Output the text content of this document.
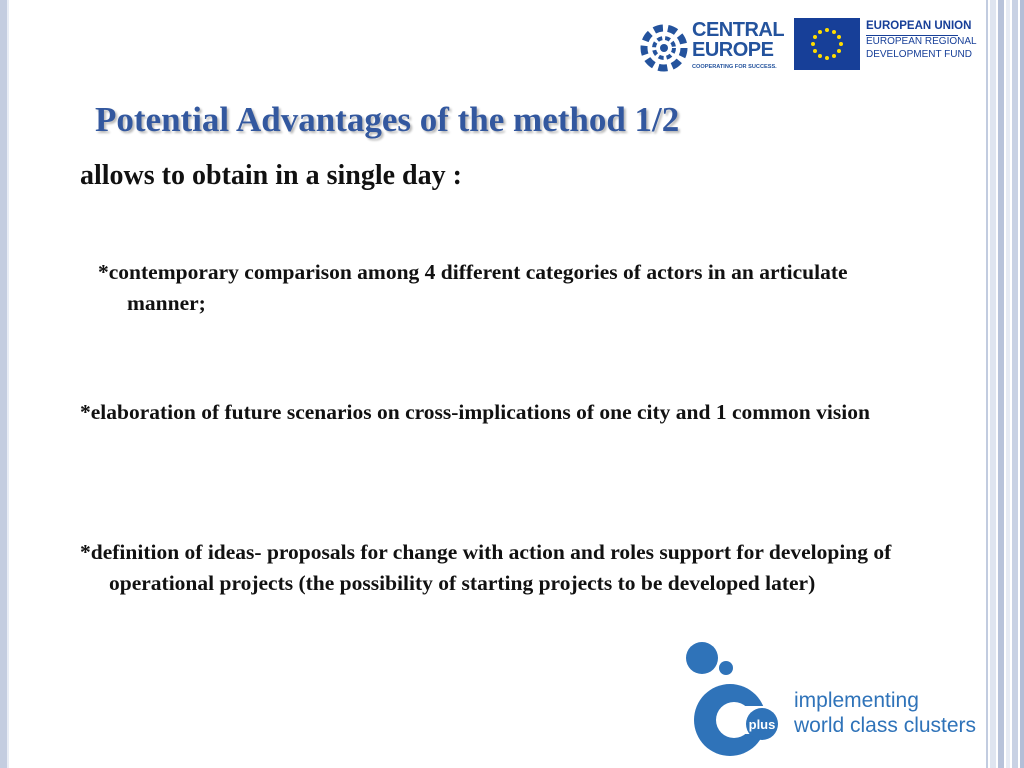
CENTRAL
EUROPE
COOPERATING FOR SUCCESS.
EUROPEAN UNION
EUROPEAN REGIONAL
DEVELOPMENT FUND
Potential Advantages of the method 1/2
allows to obtain in a single day :
*contemporary comparison among 4 different categories of actors in an articulate manner;
*elaboration of future scenarios on cross-implications of one city and 1 common vision
*definition of ideas- proposals for change with action and roles support for developing of operational projects (the possibility of starting projects to be developed later)
plus
implementing
world class clusters
